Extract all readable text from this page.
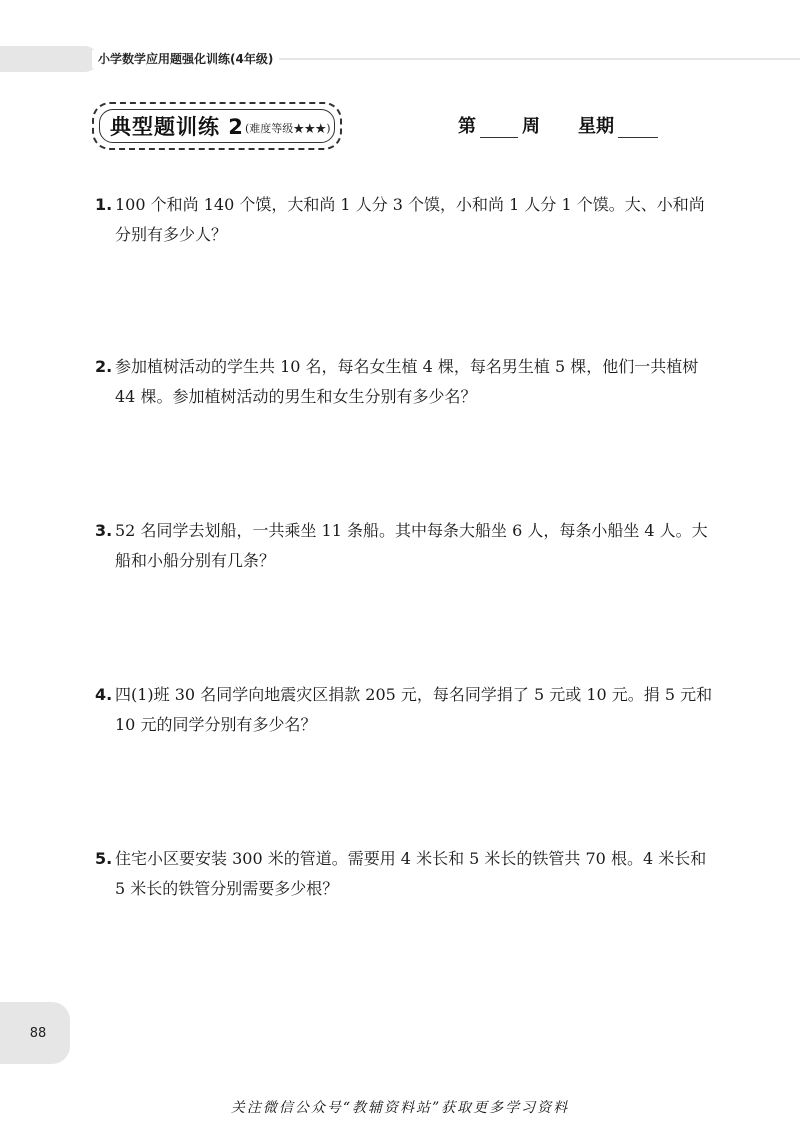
小学数学应用题强化训练(4年级)
典型题训练 2 (难度等级★★★)	第	周 星期
1. 100 个和尚 140 个馍，大和尚 1 人分 3 个馍，小和尚 1 人分 1 个馍。大、小和尚分别有多少人？
2. 参加植树活动的学生共 10 名，每名女生植 4 棵，每名男生植 5 棵，他们一共植树 44 棵。参加植树活动的男生和女生分别有多少名？
3. 52 名同学去划船，一共乘坐 11 条船。其中每条大船坐 6 人，每条小船坐 4 人。大船和小船分别有几条？
4. 四(1)班 30 名同学向地震灾区捐款 205 元，每名同学捐了 5 元或 10 元。捐 5 元和 10 元的同学分别有多少名？
5. 住宅小区要安装 300 米的管道。需要用 4 米长和 5 米长的铁管共 70 根。4 米长和 5 米长的铁管分别需要多少根？
88
关注微信公众号“教辅资料站”获取更多学习资料
